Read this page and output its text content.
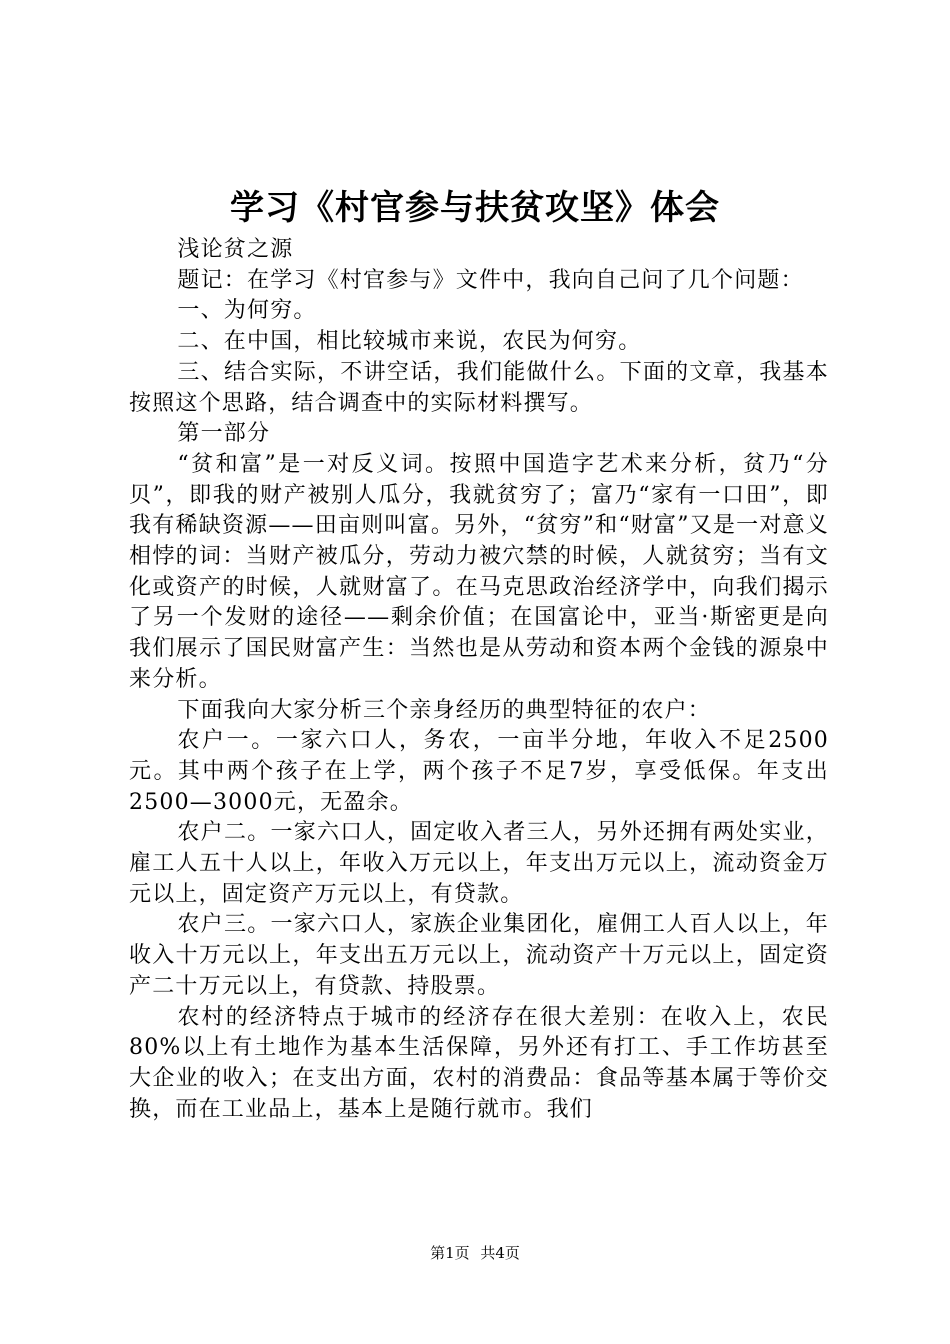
学习《村官参与扶贫攻坚》体会

浅论贫之源

题记：在学习《村官参与》文件中，我向自己问了几个问题：

一、为何穷。

二、在中国，相比较城市来说，农民为何穷。

三、结合实际，不讲空话，我们能做什么。下面的文章，我基本按照这个思路，结合调查中的实际材料撰写。

第一部分

“贫和富”是一对反义词。按照中国造字艺术来分析，贫乃“分贝”，即我的财产被别人瓜分，我就贫穷了；富乃“家有一口田”，即我有稀缺资源——田亩则叫富。另外，“贫穷”和“财富”又是一对意义相悖的词：当财产被瓜分，劳动力被穴禁的时候，人就贫穷；当有文化或资产的时候，人就财富了。在马克思政治经济学中，向我们揭示了另一个发财的途径——剩余价值；在国富论中，亚当·斯密更是向我们展示了国民财富产生：当然也是从劳动和资本两个金钱的源泉中来分析。

下面我向大家分析三个亲身经历的典型特征的农户：

农户一。一家六口人，务农，一亩半分地，年收入不足2500元。其中两个孩子在上学，两个孩子不足7岁，享受低保。年支出2500—3000元，无盈余。

农户二。一家六口人，固定收入者三人，另外还拥有两处实业，雇工人五十人以上，年收入万元以上，年支出万元以上，流动资金万元以上，固定资产万元以上，有贷款。

农户三。一家六口人，家族企业集团化，雇佣工人百人以上，年收入十万元以上，年支出五万元以上，流动资产十万元以上，固定资产二十万元以上，有贷款、持股票。

农村的经济特点于城市的经济存在很大差别：在收入上，农民80%以上有土地作为基本生活保障，另外还有打工、手工作坊甚至大企业的收入；在支出方面，农村的消费品：食品等基本属于等价交换，而在工业品上，基本上是随行就市。我们

第1页 共4页
